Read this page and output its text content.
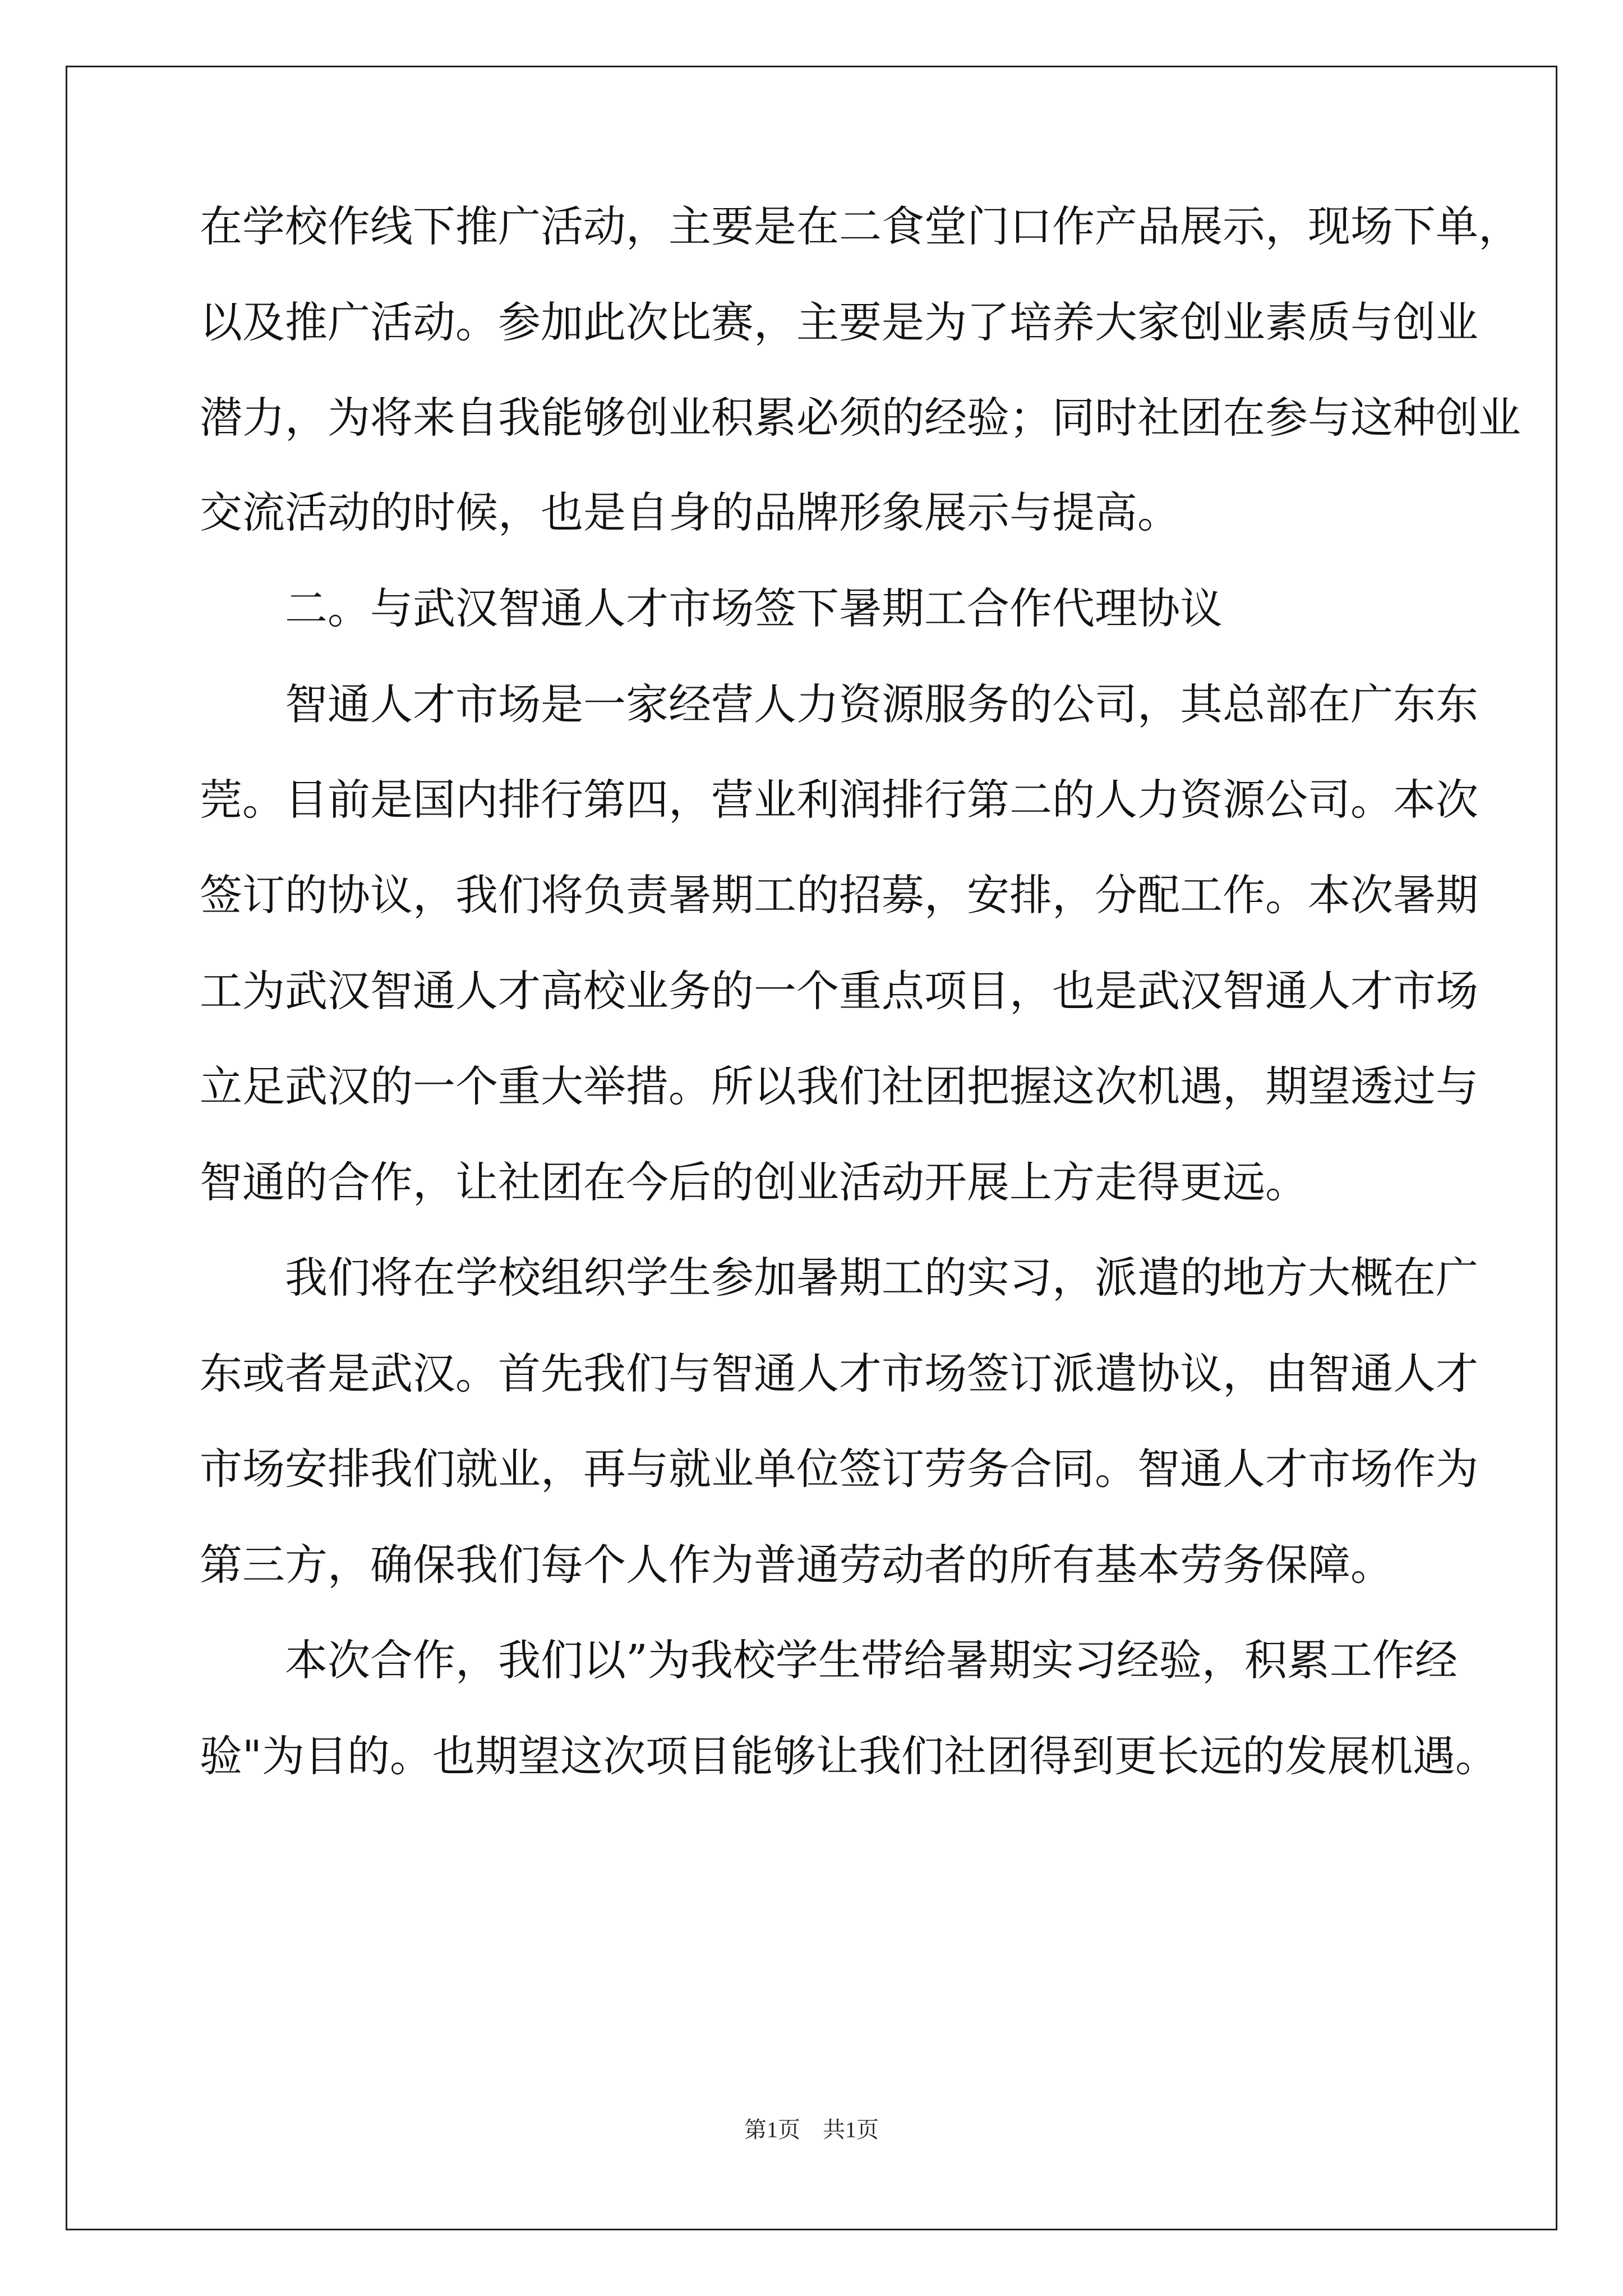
在学校作线下推广活动，主要是在二食堂门口作产品展示，现场下单，
以及推广活动。参加此次比赛，主要是为了培养大家创业素质与创业
潜力，为将来自我能够创业积累必须的经验；同时社团在参与这种创业
交流活动的时候，也是自身的品牌形象展示与提高。
二。与武汉智通人才市场签下暑期工合作代理协议
智通人才市场是一家经营人力资源服务的公司，其总部在广东东
莞。目前是国内排行第四，营业利润排行第二的人力资源公司。本次
签订的协议，我们将负责暑期工的招募，安排，分配工作。本次暑期
工为武汉智通人才高校业务的一个重点项目，也是武汉智通人才市场
立足武汉的一个重大举措。所以我们社团把握这次机遇，期望透过与
智通的合作，让社团在今后的创业活动开展上方走得更远。
我们将在学校组织学生参加暑期工的实习，派遣的地方大概在广
东或者是武汉。首先我们与智通人才市场签订派遣协议，由智通人才
市场安排我们就业，再与就业单位签订劳务合同。智通人才市场作为
第三方，确保我们每个人作为普通劳动者的所有基本劳务保障。
本次合作，我们以”为我校学生带给暑期实习经验，积累工作经
验"为目的。也期望这次项目能够让我们社团得到更长远的发展机遇。
第1页　共1页
